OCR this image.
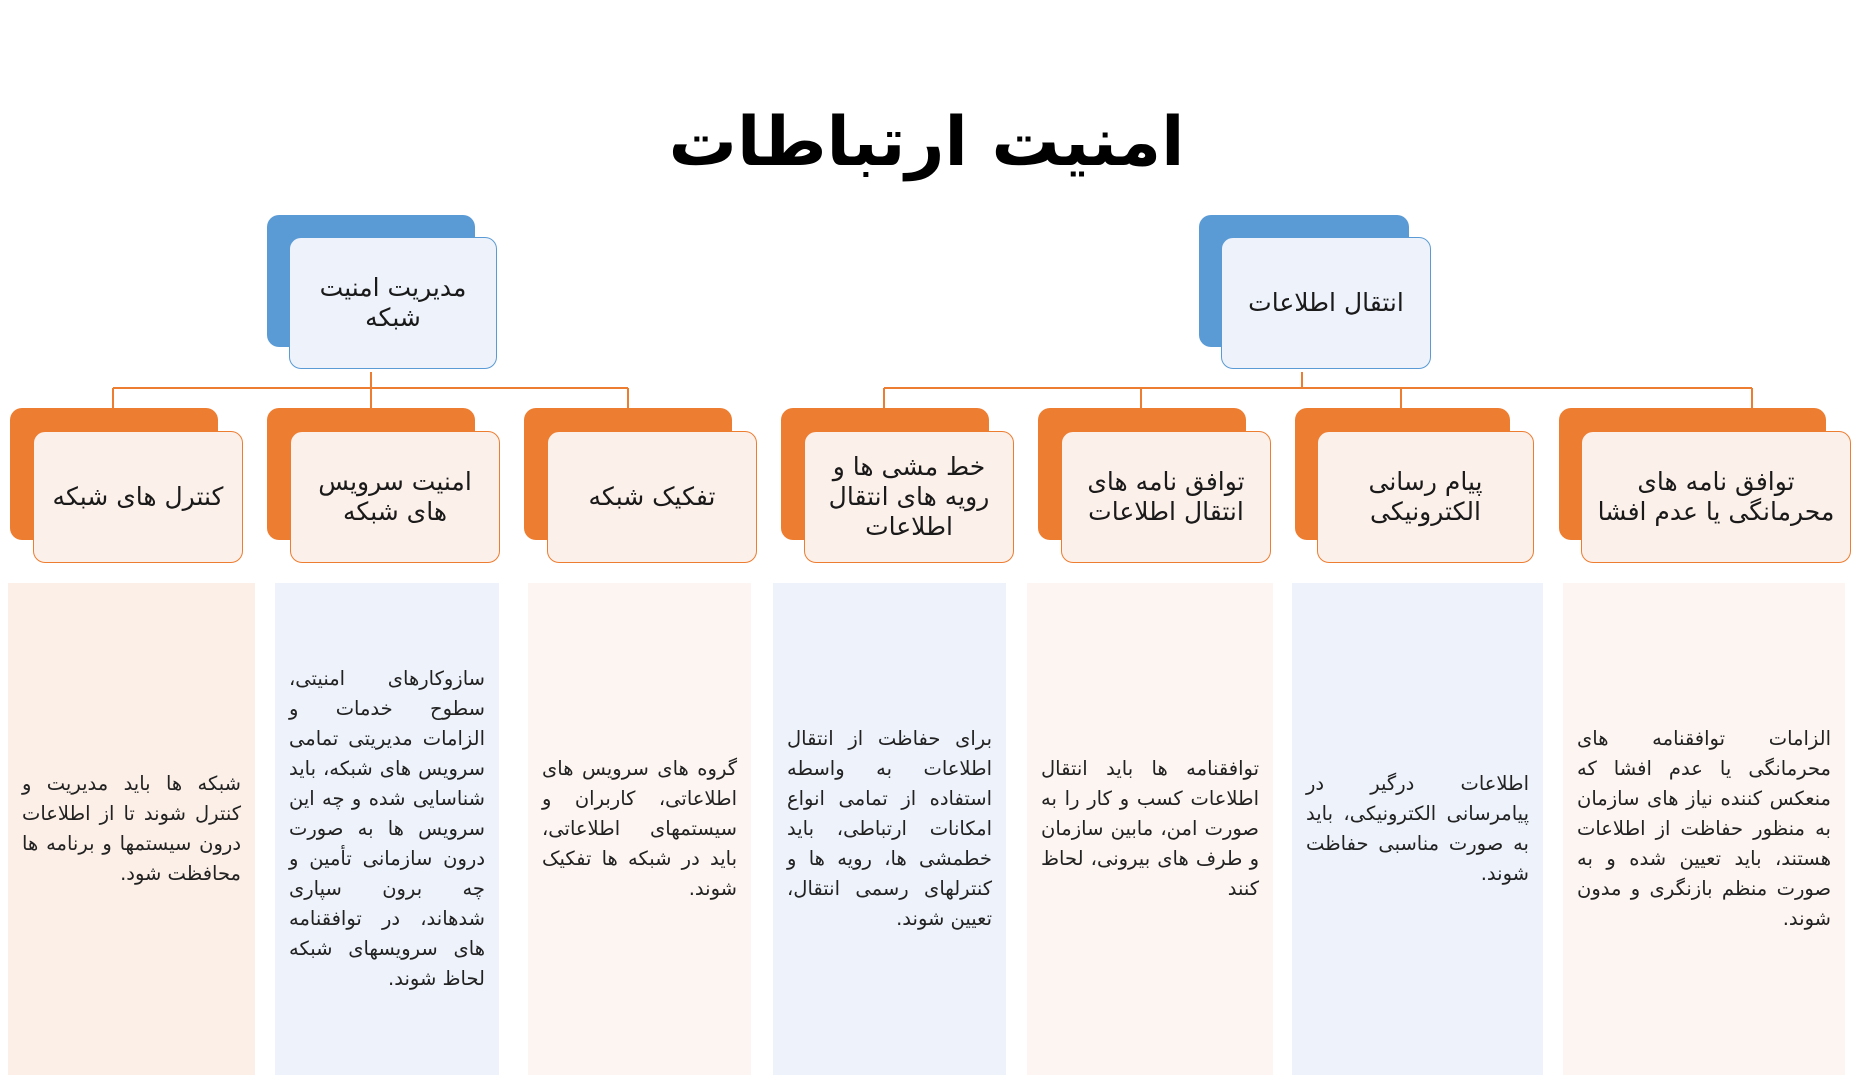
امنیت ارتباطات
مدیریت امنیت شبکه
انتقال اطلاعات
کنترل های شبکه
امنیت سرویس های شبکه
تفکیک شبکه
خط مشی ها و رویه های انتقال اطلاعات
توافق نامه های انتقال اطلاعات
پیام رسانی الکترونیکی
توافق نامه های محرمانگی یا عدم افشا

شبکه ها باید مدیریت و کنترل شوند تا از اطلاعات درون سیستمها و برنامه ها محافظت شود.

سازوکارهای امنیتی، سطوح خدمات و الزامات مدیریتی تمامی سرویس های شبکه، باید شناسایی شده و چه این سرویس ها به صورت درون سازمانی تأمین و چه برون سپاری شدهاند، در توافقنامه های سرویسهای شبکه لحاظ شوند.

گروه های سرویس های اطلاعاتی، کاربران و سیستمهای اطلاعاتی، باید در شبکه ها تفکیک شوند.

برای حفاظت از انتقال اطلاعات به واسطه استفاده از تمامی انواع امکانات ارتباطی، باید خطمشی ها، رویه ها و کنترلهای رسمی انتقال، تعیین شوند.

توافقنامه ها باید انتقال اطلاعات کسب و کار را به صورت امن، مابین سازمان و طرف های بیرونی، لحاظ کنند

اطلاعات درگیر در پیامرسانی الکترونیکی، باید به صورت مناسبی حفاظت شوند.

الزامات توافقنامه های محرمانگی یا عدم افشا که منعکس کننده نیاز های سازمان به منظور حفاظت از اطلاعات هستند، باید تعیین شده و به صورت منظم بازنگری و مدون شوند.
